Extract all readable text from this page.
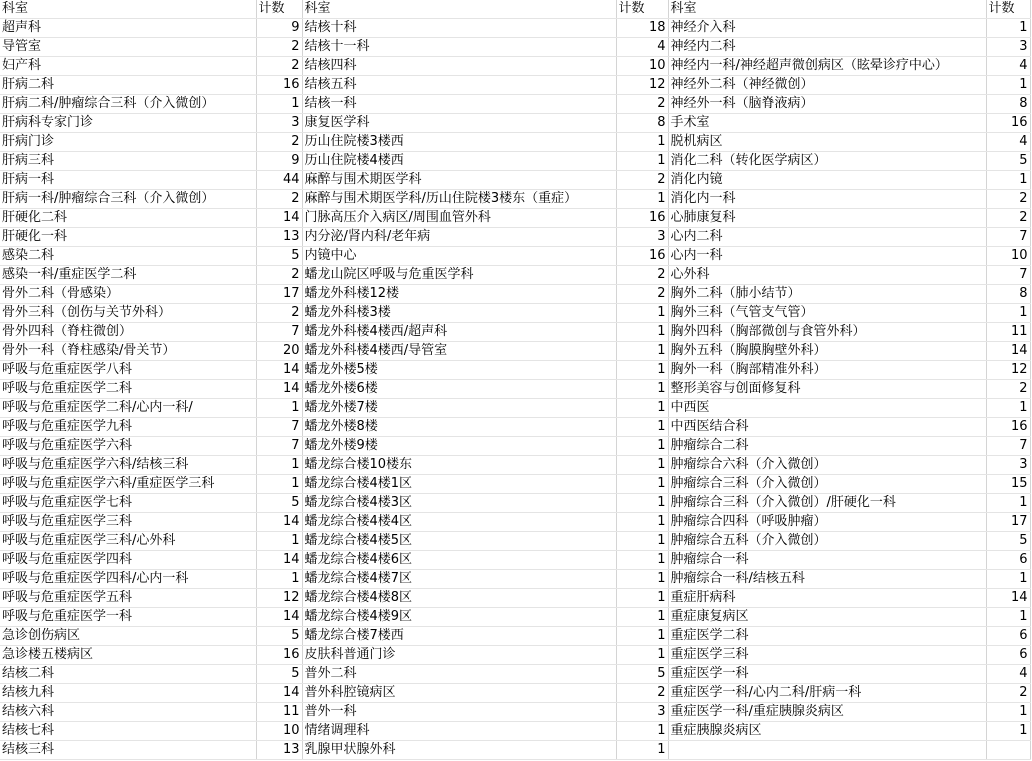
科室	计数	科室	计数	科室	计数
超声科	9	结核十科	18	神经介入科	1
导管室	2	结核十一科	4	神经内二科	3
妇产科	2	结核四科	10	神经内一科/神经超声微创病区（眩晕诊疗中心）	4
肝病二科	16	结核五科	12	神经外二科（神经微创）	1
肝病二科/肿瘤综合三科（介入微创）	1	结核一科	2	神经外一科（脑脊液病）	8
肝病科专家门诊	3	康复医学科	8	手术室	16
肝病门诊	2	历山住院楼3楼西	1	脱机病区	4
肝病三科	9	历山住院楼4楼西	1	消化二科（转化医学病区）	5
肝病一科	44	麻醉与围术期医学科	2	消化内镜	1
肝病一科/肿瘤综合三科（介入微创）	2	麻醉与围术期医学科/历山住院楼3楼东（重症）	1	消化内一科	2
肝硬化二科	14	门脉高压介入病区/周围血管外科	16	心肺康复科	2
肝硬化一科	13	内分泌/肾内科/老年病	3	心内二科	7
感染二科	5	内镜中心	16	心内一科	10
感染一科/重症医学二科	2	蟠龙山院区呼吸与危重医学科	2	心外科	7
骨外二科（骨感染）	17	蟠龙外科楼12楼	2	胸外二科（肺小结节）	8
骨外三科（创伤与关节外科）	2	蟠龙外科楼3楼	1	胸外三科（气管支气管）	1
骨外四科（脊柱微创）	7	蟠龙外科楼4楼西/超声科	1	胸外四科（胸部微创与食管外科）	11
骨外一科（脊柱感染/骨关节）	20	蟠龙外科楼4楼西/导管室	1	胸外五科（胸膜胸壁外科）	14
呼吸与危重症医学八科	14	蟠龙外楼5楼	1	胸外一科（胸部精准外科）	12
呼吸与危重症医学二科	14	蟠龙外楼6楼	1	整形美容与创面修复科	2
呼吸与危重症医学二科/心内一科/	1	蟠龙外楼7楼	1	中西医	1
呼吸与危重症医学九科	7	蟠龙外楼8楼	1	中西医结合科	16
呼吸与危重症医学六科	7	蟠龙外楼9楼	1	肿瘤综合二科	7
呼吸与危重症医学六科/结核三科	1	蟠龙综合楼10楼东	1	肿瘤综合六科（介入微创）	3
呼吸与危重症医学六科/重症医学三科	1	蟠龙综合楼4楼1区	1	肿瘤综合三科（介入微创）	15
呼吸与危重症医学七科	5	蟠龙综合楼4楼3区	1	肿瘤综合三科（介入微创）/肝硬化一科	1
呼吸与危重症医学三科	14	蟠龙综合楼4楼4区	1	肿瘤综合四科（呼吸肿瘤）	17
呼吸与危重症医学三科/心外科	1	蟠龙综合楼4楼5区	1	肿瘤综合五科（介入微创）	5
呼吸与危重症医学四科	14	蟠龙综合楼4楼6区	1	肿瘤综合一科	6
呼吸与危重症医学四科/心内一科	1	蟠龙综合楼4楼7区	1	肿瘤综合一科/结核五科	1
呼吸与危重症医学五科	12	蟠龙综合楼4楼8区	1	重症肝病科	14
呼吸与危重症医学一科	14	蟠龙综合楼4楼9区	1	重症康复病区	1
急诊创伤病区	5	蟠龙综合楼7楼西	1	重症医学二科	6
急诊楼五楼病区	16	皮肤科普通门诊	1	重症医学三科	6
结核二科	5	普外二科	5	重症医学一科	4
结核九科	14	普外科腔镜病区	2	重症医学一科/心内二科/肝病一科	2
结核六科	11	普外一科	3	重症医学一科/重症胰腺炎病区	1
结核七科	10	情绪调理科	1	重症胰腺炎病区	1
结核三科	13	乳腺甲状腺外科	1		
